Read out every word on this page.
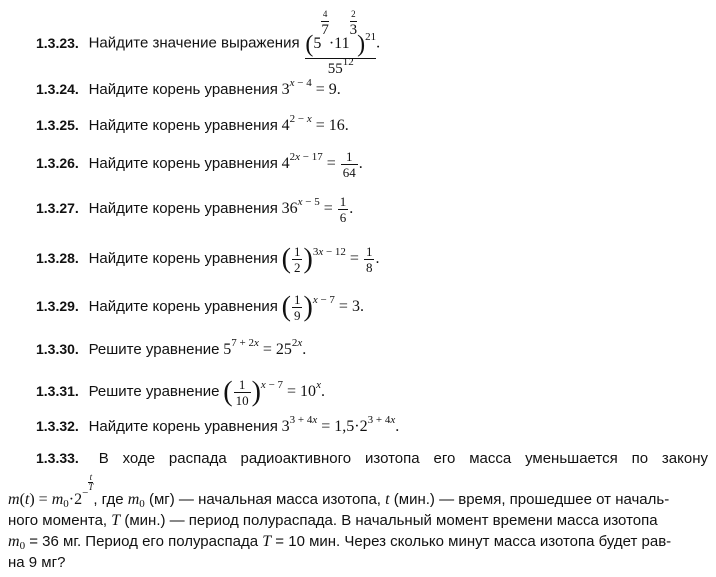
1.3.23. Найдите значение выражения (5
$^{4 7}$
·11
$^{2 3}$
)$^{21}$
$55^{12}$ .
1.3.24. Найдите корень уравнения $3^{x - 4} = 9$.
1.3.25. Найдите корень уравнения $4^{2 - x} = 16$.
1.3.26. Найдите корень уравнения $4^{2x - 17} = \frac{1}{64}$ .
1.3.27. Найдите корень уравнения $36^{x - 5} = \frac{1}{6}$ .
1.3.28. Найдите корень уравнения ( $\frac{1}{2} )^{3x - 12} = \frac{1}{8}$ .
1.3.29. Найдите корень уравнения ( $\frac{1}{9} )^{x - 7} = 3$.
1.3.30. Решите уравнение $5^{7 + 2x} = 25^{2x}$.
1.3.31. Решите уравнение ( $\frac{1}{10} )^{x - 7} = 10^x$.
1.3.32. Найдите корень уравнения $3^{3 + 4x} = 1,5\cdot 2^{3 + 4x}$.
1.3.33. В ходе распада радиоактивного изотопа его масса уменьшается по закону
$m(t) = m_0\cdot 2^{- \frac{t}{T}}$
, где $m_0$ (мг) — начальная масса изотопа, t (мин.) — время, прошедшее от началь-
ного момента, T (мин.) — период полураспада. В начальный момент времени масса изотопа
$m_0 = 36$ мг. Период его полураспада T = 10 мин. Через сколько минут масса изотопа будет рав-
на 9 мг?
